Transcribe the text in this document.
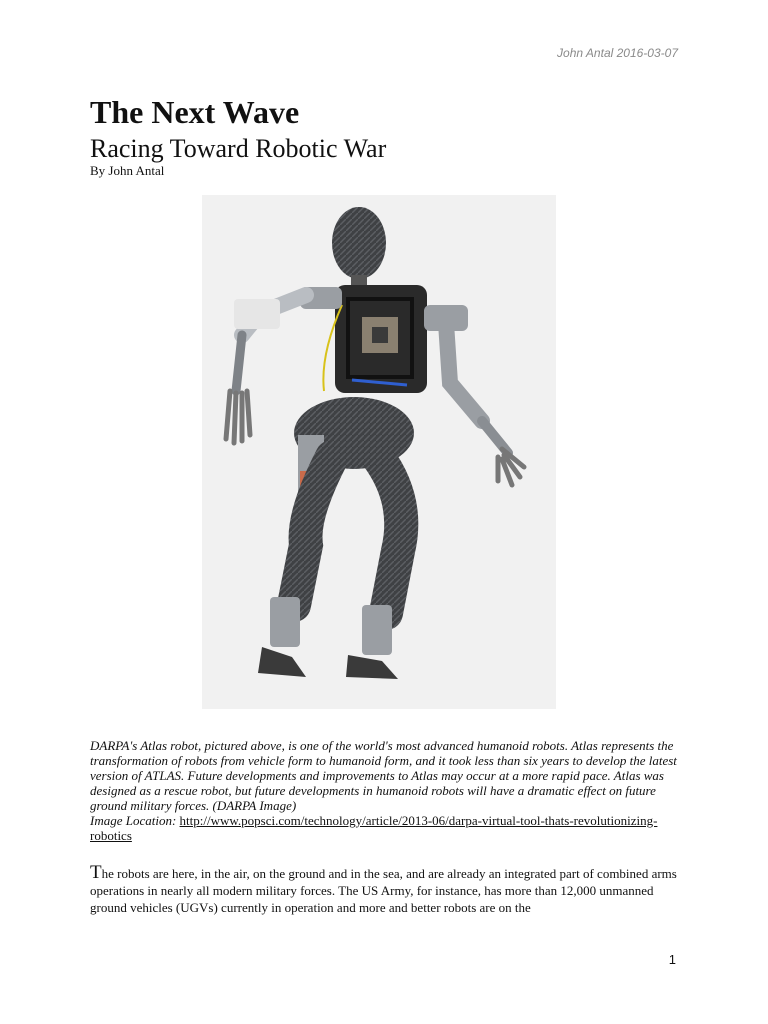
John Antal 2016-03-07
The Next Wave
Racing Toward Robotic War
By John Antal
DARPA's Atlas robot, pictured above, is one of the world's most advanced humanoid robots. Atlas represents the transformation of robots from vehicle form to humanoid form, and it took less than six years to develop the latest version of ATLAS. Future developments and improvements to Atlas may occur at a more rapid pace. Atlas was designed as a rescue robot, but future developments in humanoid robots will have a dramatic effect on future ground military forces. (DARPA Image)
Image Location: http://www.popsci.com/technology/article/2013-06/darpa-virtual-tool-thats-revolutionizing-robotics
The robots are here, in the air, on the ground and in the sea, and are already an integrated part of combined arms operations in nearly all modern military forces. The US Army, for instance, has more than 12,000 unmanned ground vehicles (UGVs) currently in operation and more and better robots are on the
1
